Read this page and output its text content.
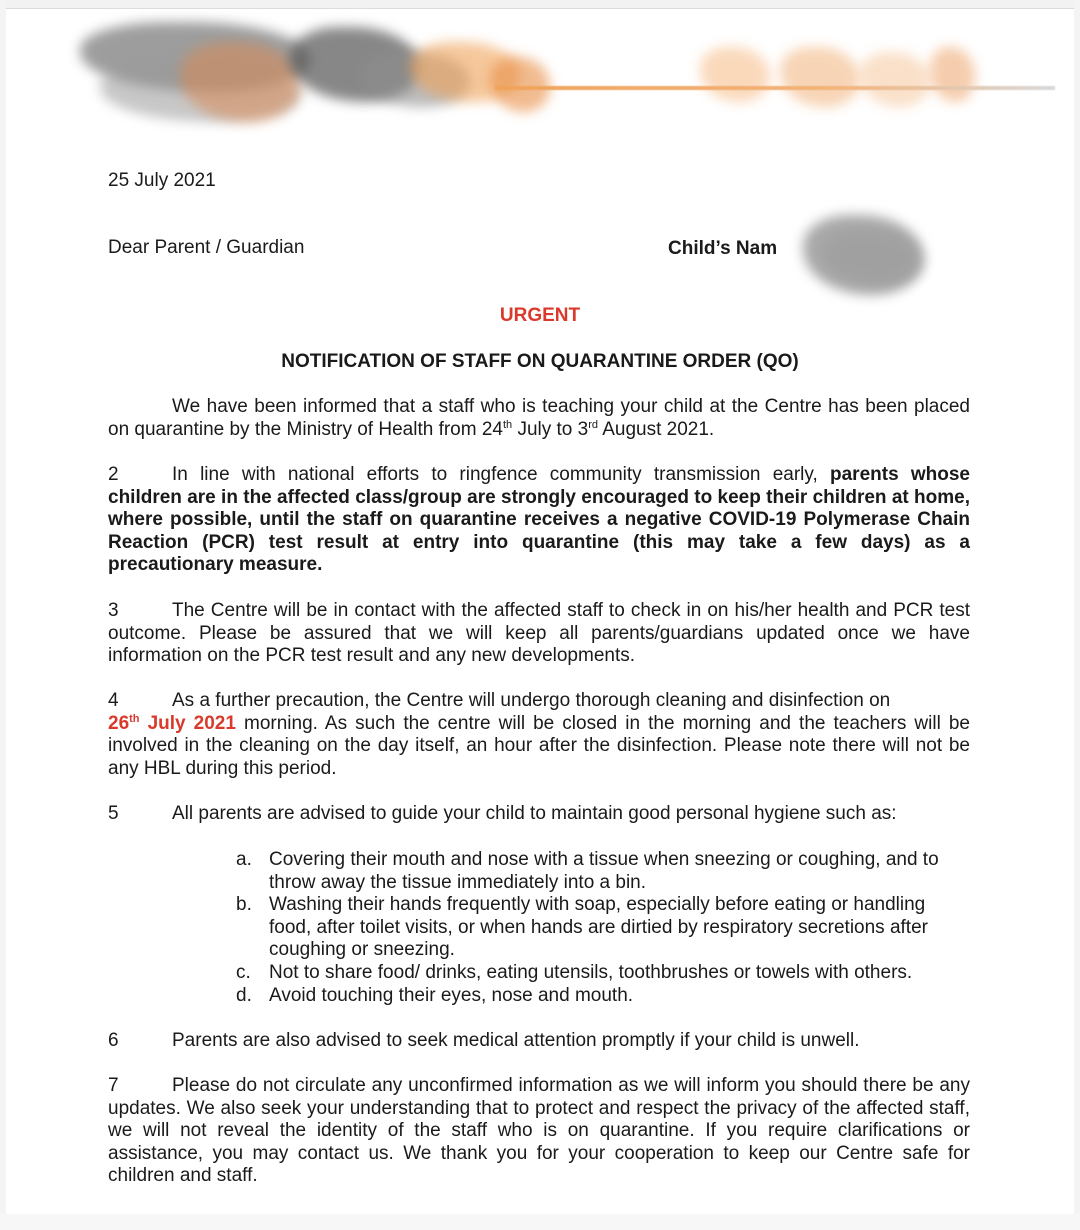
25 July 2021
Dear Parent / Guardian	Child’s Nam
URGENT
NOTIFICATION OF STAFF ON QUARANTINE ORDER (QO)
We have been informed that a staff who is teaching your child at the Centre has been placed on quarantine by the Ministry of Health from 24th July to 3rd August 2021.
2	In line with national efforts to ringfence community transmission early, parents whose children are in the affected class/group are strongly encouraged to keep their children at home, where possible, until the staff on quarantine receives a negative COVID-19 Polymerase Chain Reaction (PCR) test result at entry into quarantine (this may take a few days) as a precautionary measure.
3	The Centre will be in contact with the affected staff to check in on his/her health and PCR test outcome. Please be assured that we will keep all parents/guardians updated once we have information on the PCR test result and any new developments.
4	As a further precaution, the Centre will undergo thorough cleaning and disinfection on
26th July 2021 morning. As such the centre will be closed in the morning and the teachers will be involved in the cleaning on the day itself, an hour after the disinfection. Please note there will not be any HBL during this period.
5	All parents are advised to guide your child to maintain good personal hygiene such as:
a. Covering their mouth and nose with a tissue when sneezing or coughing, and to throw away the tissue immediately into a bin.
b. Washing their hands frequently with soap, especially before eating or handling food, after toilet visits, or when hands are dirtied by respiratory secretions after coughing or sneezing.
c. Not to share food/ drinks, eating utensils, toothbrushes or towels with others.
d. Avoid touching their eyes, nose and mouth.
6	Parents are also advised to seek medical attention promptly if your child is unwell.
7	Please do not circulate any unconfirmed information as we will inform you should there be any updates. We also seek your understanding that to protect and respect the privacy of the affected staff, we will not reveal the identity of the staff who is on quarantine. If you require clarifications or assistance, you may contact us. We thank you for your cooperation to keep our Centre safe for children and staff.
